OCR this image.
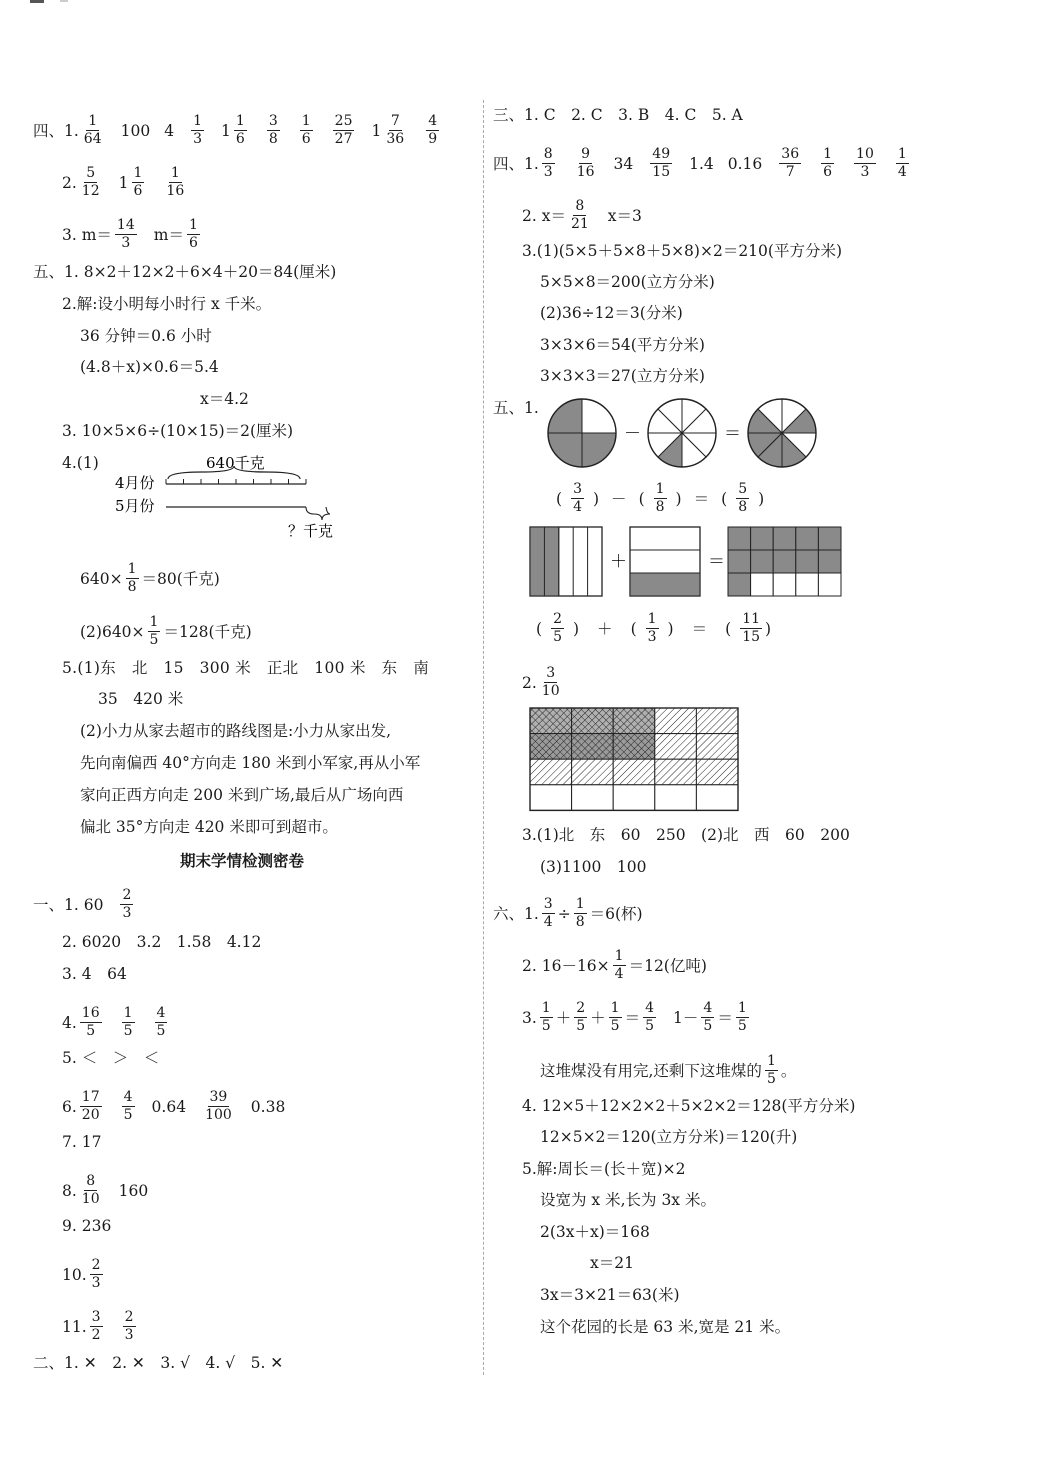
四、1. $\frac{1}{64} 100$ $4 \frac{1}{3} 1 \frac{1}{6} \frac{3}{8} \frac{1}{6} \frac{25}{27} 1 \frac{7}{36} \frac{4}{9}$
2. $\frac{5}{12} 1 \frac{1}{6} \frac{1}{16}$
3. $m= \frac{14}{3} m= \frac{1}{6}$
五、1. 8×2＋12×2＋6×4＋20＝84(厘米)
2.解:设小明每小时行 x 千米。
36 分钟＝0.6 小时
(4.8＋x)×0.6＝5.4
x＝4.2
3. 10×5×6÷(10×15)＝2(厘米)
4.(1)	640千克
4月份
5月份
？千克
$640\times \frac{1}{8} =80$(千克)
$(2)640\times \frac{1}{5} =128$(千克)
5.(1)东　北　15　300 米　正北　100 米　东　南
35　420 米
(2)小力从家去超市的路线图是:小力从家出发,
先向南偏西 40°方向走 180 米到小军家,再从小军
家向正西方向走 200 米到广场,最后从广场向西
偏北 35°方向走 420 米即可到超市。
期末学情检测密卷
一、1. $60 \frac{2}{3}$
2. 6020　3.2　1.58　4.12
3. 4　64
4. $\frac{16}{5} \frac{1}{5} \frac{4}{5}$
5. ＜　＞　＜
6. $\frac{17}{20} \frac{4}{5} 0.64 \frac{39}{100} 0.38$
7. 17
8. $\frac{8}{10} 160$
9. 236
10. $\frac{2}{3}$
11. $\frac{3}{2} \frac{2}{3}$
二、1. ✕　2. ✕　3. √　4. √　5. ✕
三、1. C　2. C　3. B　4. C　5. A
四、1. $\frac{8}{3} \frac{9}{16} 34 \frac{49}{15} 1.4$ $0.16 \frac{36}{7} \frac{1}{6} \frac{10}{3} \frac{1}{4}$
2. $x= \frac{8}{21} x=3$
3.(1)(5×5＋5×8＋5×8)×2＝210(平方分米)
5×5×8＝200(立方分米)
(2)36÷12＝3(分米)
3×3×6＝54(平方分米)
3×3×3＝27(立方分米)
五、1.
－	＝
( $\frac{3}{4}$ ) － ( $\frac{1}{8}$ ) ＝ ( $\frac{5}{8}$ )
＋	＝
( $\frac{2}{5}$ ) ＋ ( $\frac{1}{3}$ ) ＝ ( $\frac{11}{15}$ )
2. $\frac{3}{10}$
3.(1)北　东　60　250　(2)北　西　60　200
(3)1100　100
六、1. $\frac{3}{4} \div \frac{1}{8} =6$(杯)
2. $16-16\times \frac{1}{4} =12$(亿吨)
3. $\frac{1}{5} + \frac{2}{5} + \frac{1}{5} = \frac{4}{5} 1- \frac{4}{5} = \frac{1}{5}$
这堆煤没有用完,还剩下这堆煤的 $\frac{1}{5}$ 。
4. 12×5＋12×2×2＋5×2×2＝128(平方分米)
12×5×2＝120(立方分米)＝120(升)
5.解:周长＝(长＋宽)×2
设宽为 x 米,长为 3x 米。
2(3x＋x)＝168
x＝21
3x＝3×21＝63(米)
这个花园的长是 63 米,宽是 21 米。
